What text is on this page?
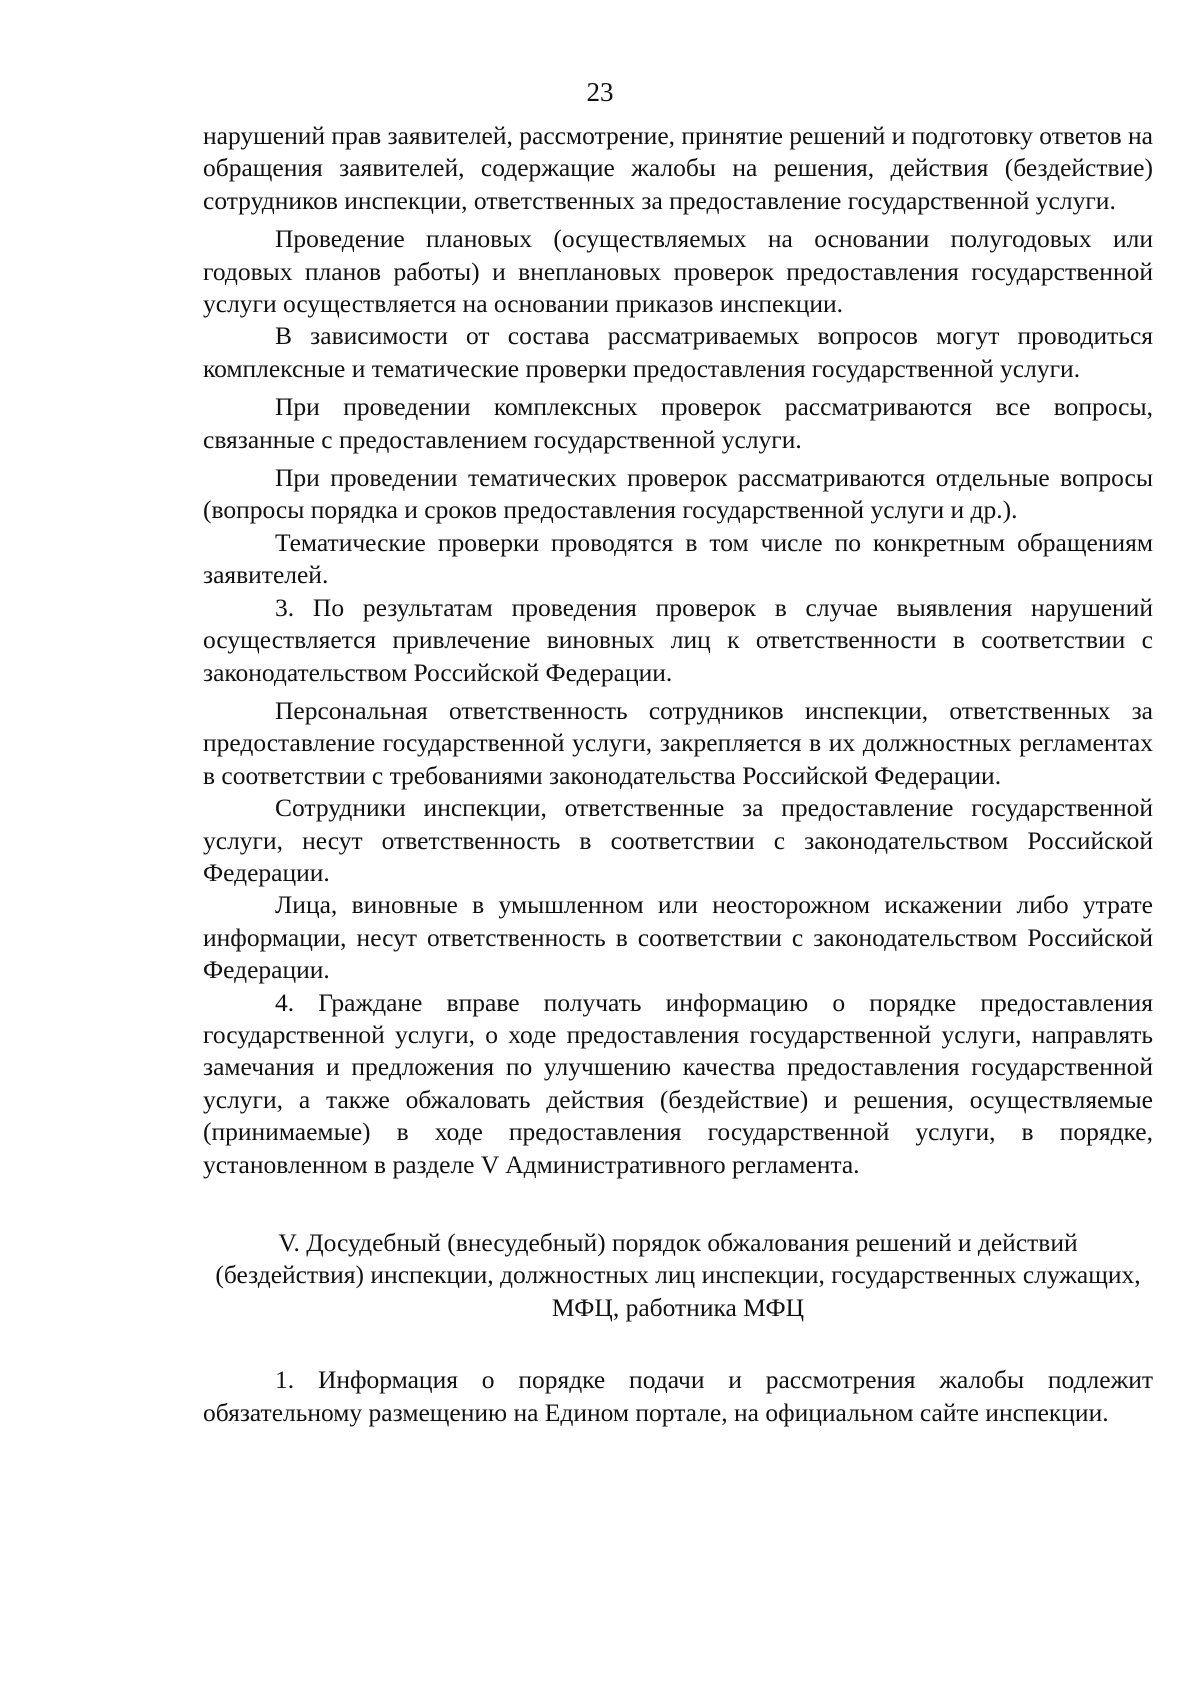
23

нарушений прав заявителей, рассмотрение, принятие решений и подготовку ответов на обращения заявителей, содержащие жалобы на решения, действия (бездействие) сотрудников инспекции, ответственных за предоставление государственной услуги.

Проведение плановых (осуществляемых на основании полугодовых или годовых планов работы) и внеплановых проверок предоставления государственной услуги осуществляется на основании приказов инспекции.

В зависимости от состава рассматриваемых вопросов могут проводиться комплексные и тематические проверки предоставления государственной услуги.

При проведении комплексных проверок рассматриваются все вопросы, связанные с предоставлением государственной услуги.

При проведении тематических проверок рассматриваются отдельные вопросы (вопросы порядка и сроков предоставления государственной услуги и др.).

Тематические проверки проводятся в том числе по конкретным обращениям заявителей.

3. По результатам проведения проверок в случае выявления нарушений осуществляется привлечение виновных лиц к ответственности в соответствии с законодательством Российской Федерации.

Персональная ответственность сотрудников инспекции, ответственных за предоставление государственной услуги, закрепляется в их должностных регламентах в соответствии с требованиями законодательства Российской Федерации.

Сотрудники инспекции, ответственные за предоставление государственной услуги, несут ответственность в соответствии с законодательством Российской Федерации.

Лица, виновные в умышленном или неосторожном искажении либо утрате информации, несут ответственность в соответствии с законодательством Российской Федерации.

4. Граждане вправе получать информацию о порядке предоставления государственной услуги, о ходе предоставления государственной услуги, направлять замечания и предложения по улучшению качества предоставления государственной услуги, а также обжаловать действия (бездействие) и решения, осуществляемые (принимаемые) в ходе предоставления государственной услуги, в порядке, установленном в разделе V Административного регламента.

V. Досудебный (внесудебный) порядок обжалования решений и действий (бездействия) инспекции, должностных лиц инспекции, государственных служащих, МФЦ, работника МФЦ

1. Информация о порядке подачи и рассмотрения жалобы подлежит обязательному размещению на Едином портале, на официальном сайте инспекции.
